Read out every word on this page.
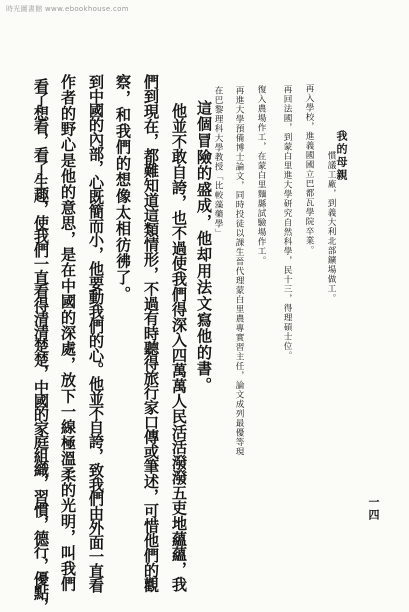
時光圖書館 www.ebookhouse.com
我的母親
一四
慣議工廠，到義大利北部鑛場做工。
再入學校，進義國國立巴都瓦學院卒業。
再回法國，到蒙白里進大學研究自然科學，民十三，得理碩士位。
復入農場作工，在蒙白里麵縣試驗場作工。
再進大學預備博士論文，同時投徒以課生晉代理蒙白里農專實習主任，論文成列最優等現
在巴黎理科大學教授「比較藻藥學」
這個冒險的盛成，他却用法文寫他的書。
他並不敢自誇，也不過使我們得深入四萬萬人民活活潑潑五吏地蘊蘊，我
們到現在，都難知道這類情形，不過有時聽得旅行家口傳或筆述，可惜他們的觀
察，和我們的想像太相彷彿了。
到中國的內部，心既簡而小，他要動我們的心。他並不自誇，致我們由外面一直看
作者的野心是他的意思，是在中國的深處，放下一線極溫柔的光明，叫我們
看了想看，看了生趣，使我們一直看得清清楚楚，中國的家庭組織，習慣，德行，優點，
